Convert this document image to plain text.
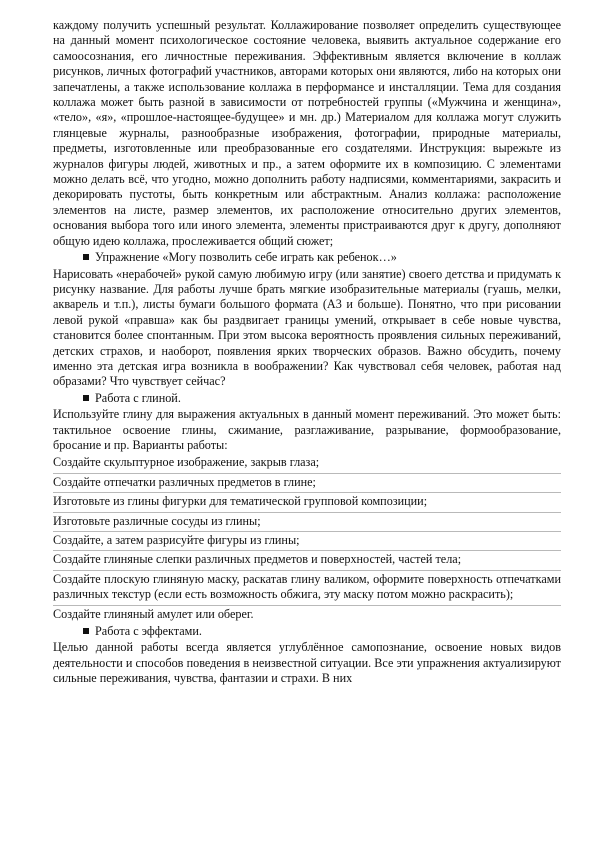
каждому получить успешный результат. Коллажирование позволяет определить существующее на данный момент психологическое состояние человека, выявить актуальное содержание его самоосознания, его личностные переживания. Эффективным является включение в коллаж рисунков, личных фотографий участников, авторами которых они являются, либо на которых они запечатлены, а также использование коллажа в перформансе и инсталляции. Тема для создания коллажа может быть разной в зависимости от потребностей группы («Мужчина и женщина», «тело», «я», «прошлое-настоящее-будущее» и мн. др.) Материалом для коллажа могут служить глянцевые журналы, разнообразные изображения, фотографии, природные материалы, предметы, изготовленные или преобразованные его создателями. Инструкция: вырежьте из журналов фигуры людей, животных и пр., а затем оформите их в композицию. С элементами можно делать всё, что угодно, можно дополнить работу надписями, комментариями, закрасить и декорировать пустоты, быть конкретным или абстрактным. Анализ коллажа: расположение элементов на листе, размер элементов, их расположение относительно других элементов, основания выбора того или иного элемента, элементы пристраиваются друг к другу, дополняют общую идею коллажа, прослеживается общий сюжет;

Упражнение «Могу позволить себе играть как ребенок…»

Нарисовать «нерабочей» рукой самую любимую игру (или занятие) своего детства и придумать к рисунку название. Для работы лучше брать мягкие изобразительные материалы (гуашь, мелки, акварель и т.п.), листы бумаги большого формата (А3 и больше). Понятно, что при рисовании левой рукой «правша» как бы раздвигает границы умений, открывает в себе новые чувства, становится более спонтанным. При этом высока вероятность проявления сильных переживаний, детских страхов, и наоборот, появления ярких творческих образов. Важно обсудить, почему именно эта детская игра возникла в воображении? Как чувствовал себя человек, работая над образами? Что чувствует сейчас?

Работа с глиной.

Используйте глину для выражения актуальных в данный момент переживаний. Это может быть: тактильное освоение глины, сжимание, разглаживание, разрывание, формообразование, бросание и пр. Варианты работы:

Создайте скульптурное изображение, закрыв глаза;

Создайте отпечатки различных предметов в глине;

Изготовьте из глины фигурки для тематической групповой композиции;

Изготовьте различные сосуды из глины;

Создайте, а затем разрисуйте фигуры из глины;

Создайте глиняные слепки различных предметов и поверхностей, частей тела;

Создайте плоскую глиняную маску, раскатав глину валиком, оформите поверхность отпечатками различных текстур (если есть возможность обжига, эту маску потом можно раскрасить);

Создайте глиняный амулет или оберег.

Работа с эффектами.

Целью данной работы всегда является углублённое самопознание, освоение новых видов деятельности и способов поведения в неизвестной ситуации. Все эти упражнения актуализируют сильные переживания, чувства, фантазии и страхи. В них
